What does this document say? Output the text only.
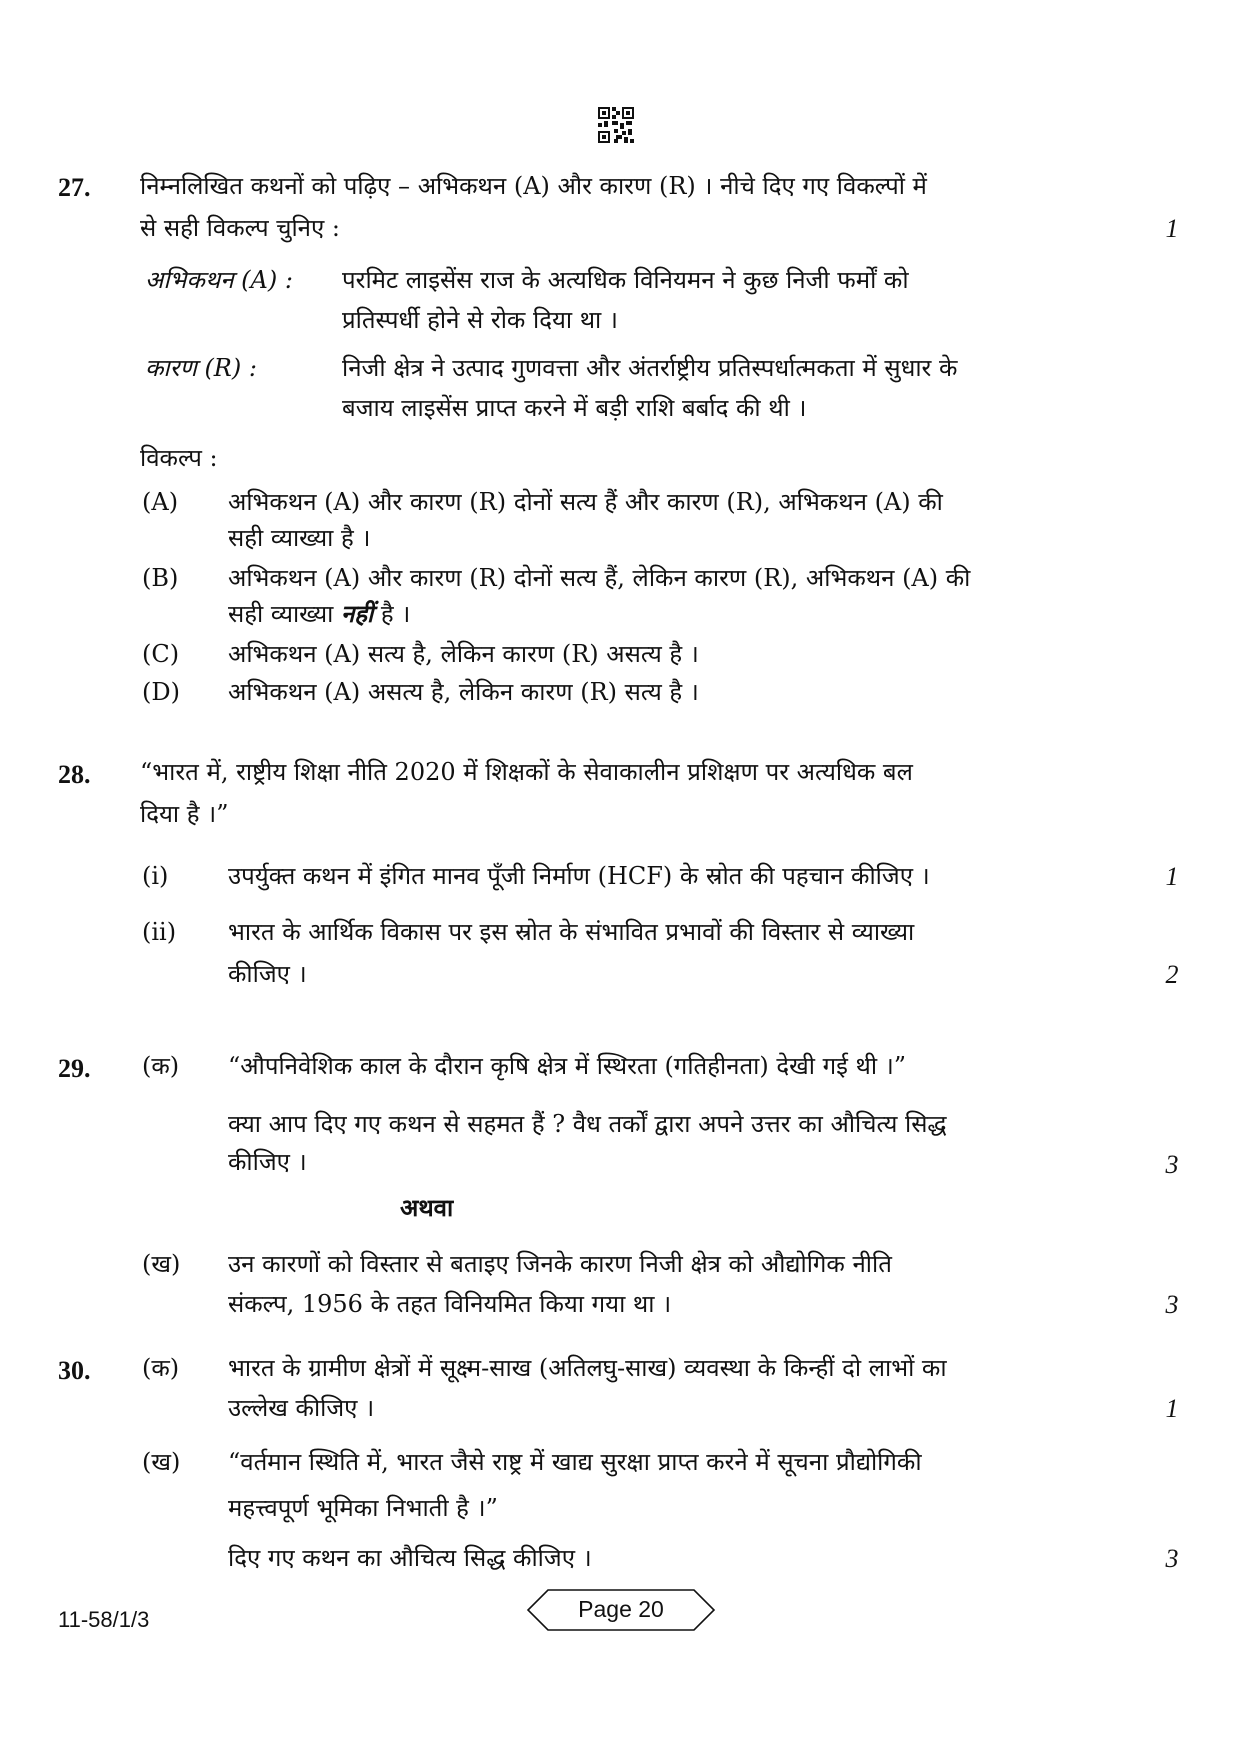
27. निम्नलिखित कथनों को पढ़िए – अभिकथन (A) और कारण (R) । नीचे दिए गए विकल्पों में
से सही विकल्प चुनिए :	1
अभिकथन (A) : परमिट लाइसेंस राज के अत्यधिक विनियमन ने कुछ निजी फर्मों को
प्रतिस्पर्धी होने से रोक दिया था ।
कारण (R) :	निजी क्षेत्र ने उत्पाद गुणवत्ता और अंतर्राष्ट्रीय प्रतिस्पर्धात्मकता में सुधार के
बजाय लाइसेंस प्राप्त करने में बड़ी राशि बर्बाद की थी ।
विकल्प :
(A) अभिकथन (A) और कारण (R) दोनों सत्य हैं और कारण (R), अभिकथन (A) की
सही व्याख्या है ।
(B) अभिकथन (A) और कारण (R) दोनों सत्य हैं, लेकिन कारण (R), अभिकथन (A) की
सही व्याख्या नहीं है ।
(C) अभिकथन (A) सत्य है, लेकिन कारण (R) असत्य है ।
(D) अभिकथन (A) असत्य है, लेकिन कारण (R) सत्य है ।
28. “भारत में, राष्ट्रीय शिक्षा नीति 2020 में शिक्षकों के सेवाकालीन प्रशिक्षण पर अत्यधिक बल
दिया है ।”
(i) उपर्युक्त कथन में इंगित मानव पूँजी निर्माण (HCF) के स्रोत की पहचान कीजिए ।	1
(ii) भारत के आर्थिक विकास पर इस स्रोत के संभावित प्रभावों की विस्तार से व्याख्या
कीजिए ।	2
29. (क) “औपनिवेशिक काल के दौरान कृषि क्षेत्र में स्थिरता (गतिहीनता) देखी गई थी ।”
क्या आप दिए गए कथन से सहमत हैं ? वैध तर्कों द्वारा अपने उत्तर का औचित्य सिद्ध
कीजिए ।	3
अथवा
(ख) उन कारणों को विस्तार से बताइए जिनके कारण निजी क्षेत्र को औद्योगिक नीति
संकल्प, 1956 के तहत विनियमित किया गया था ।	3
30. (क) भारत के ग्रामीण क्षेत्रों में सूक्ष्म-साख (अतिलघु-साख) व्यवस्था के किन्हीं दो लाभों का
उल्लेख कीजिए ।	1
(ख) “वर्तमान स्थिति में, भारत जैसे राष्ट्र में खाद्य सुरक्षा प्राप्त करने में सूचना प्रौद्योगिकी
महत्त्वपूर्ण भूमिका निभाती है ।”
दिए गए कथन का औचित्य सिद्ध कीजिए ।	3
11-58/1/3	Page 20
